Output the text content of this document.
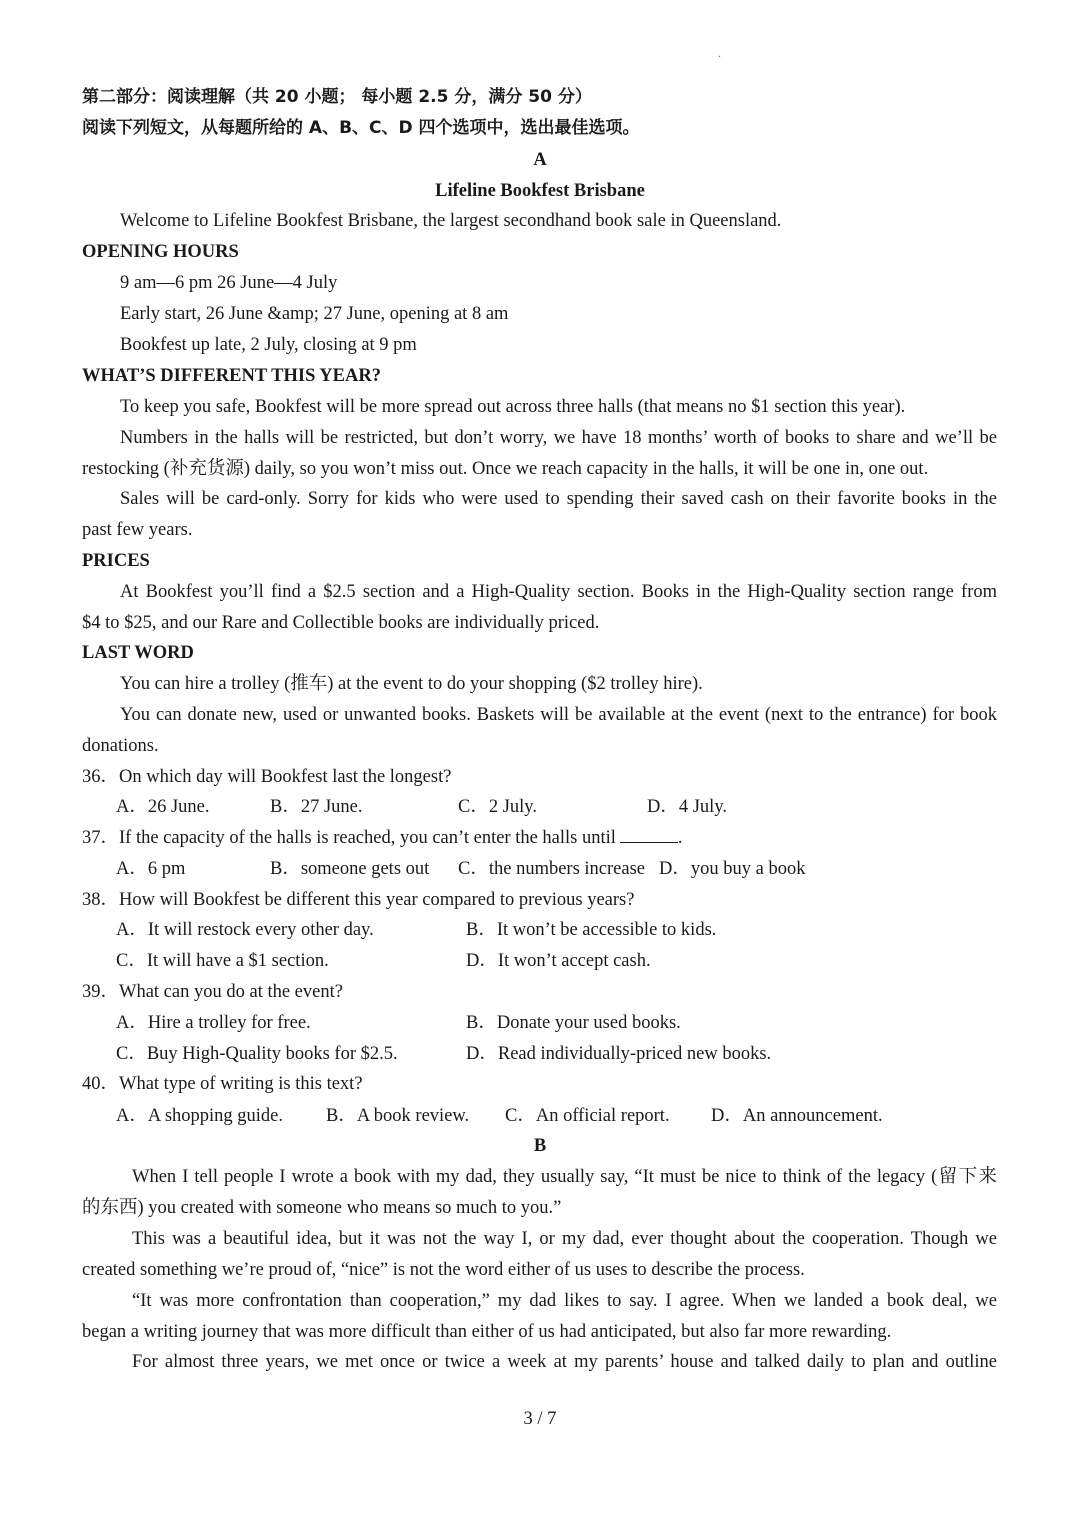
·
第二部分：阅读理解（共 20 小题； 每小题 2.5 分，满分 50 分）
阅读下列短文，从每题所给的 A、B、C、D 四个选项中，选出最佳选项。
A
Lifeline Bookfest Brisbane
Welcome to Lifeline Bookfest Brisbane, the largest secondhand book sale in Queensland.
OPENING HOURS
9 am—6 pm 26 June—4 July
Early start, 26 June &amp; 27 June, opening at 8 am
Bookfest up late, 2 July, closing at 9 pm
WHAT’S DIFFERENT THIS YEAR?
To keep you safe, Bookfest will be more spread out across three halls (that means no $1 section this year).
Numbers in the halls will be restricted, but don’t worry, we have 18 months’ worth of books to share and we’ll be
restocking (补充货源) daily, so you won’t miss out. Once we reach capacity in the halls, it will be one in, one out.
Sales will be card-only. Sorry for kids who were used to spending their saved cash on their favorite books in the
past few years.
PRICES
At Bookfest you’ll find a $2.5 section and a High-Quality section. Books in the High-Quality section range from
$4 to $25, and our Rare and Collectible books are individually priced.
LAST WORD
You can hire a trolley (推车) at the event to do your shopping ($2 trolley hire).
You can donate new, used or unwanted books. Baskets will be available at the event (next to the entrance) for book
donations.
36．On which day will Bookfest last the longest?
A．26 June.	B．27 June.	C．2 July.	D．4 July.
37．If the capacity of the halls is reached, you can’t enter the halls until	.
A．6 pm	B．someone gets out C．the numbers increase D．you buy a book
38．How will Bookfest be different this year compared to previous years?
A．It will restock every other day.	B．It won’t be accessible to kids.
C．It will have a $1 section.	D．It won’t accept cash.
39．What can you do at the event?
A．Hire a trolley for free.	B．Donate your used books.
C．Buy High-Quality books for $2.5.	D．Read individually-priced new books.
40．What type of writing is this text?
A．A shopping guide. B．A book review. C．An official report. D．An announcement.
B
When I tell people I wrote a book with my dad, they usually say, “It must be nice to think of the legacy (留下来
的东西) you created with someone who means so much to you.”
This was a beautiful idea, but it was not the way I, or my dad, ever thought about the cooperation. Though we
created something we’re proud of, “nice” is not the word either of us uses to describe the process.
“It was more confrontation than cooperation,” my dad likes to say. I agree. When we landed a book deal, we
began a writing journey that was more difficult than either of us had anticipated, but also far more rewarding.
For almost three years, we met once or twice a week at my parents’ house and talked daily to plan and outline
3 / 7
